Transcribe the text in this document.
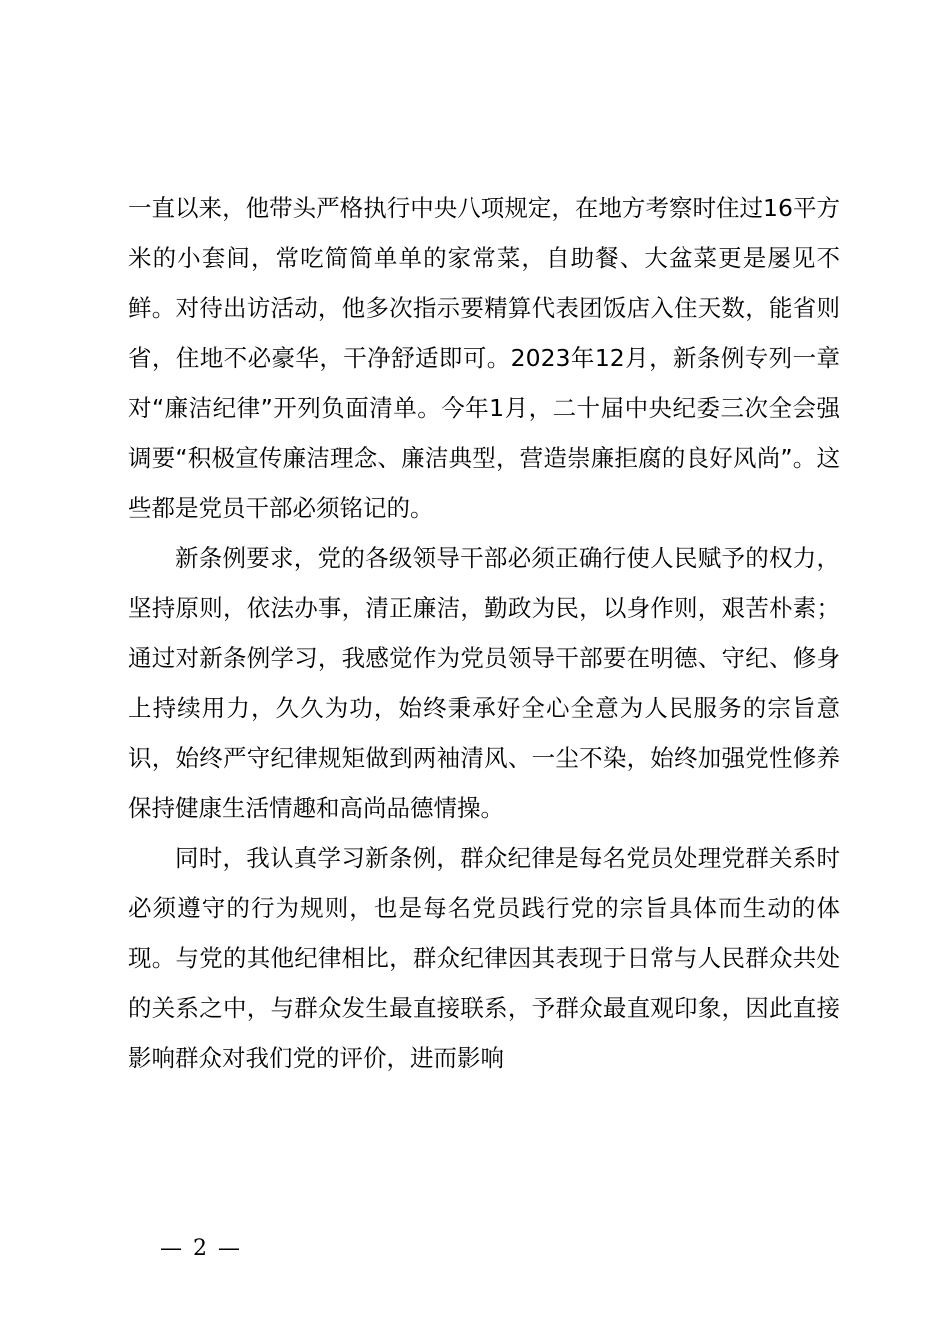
一直以来，他带头严格执行中央八项规定，在地方考察时住过16平方米的小套间，常吃简简单单的家常菜，自助餐、大盆菜更是屡见不鲜。对待出访活动，他多次指示要精算代表团饭店入住天数，能省则省，住地不必豪华，干净舒适即可。2023年12月，新条例专列一章对“廉洁纪律”开列负面清单。今年1月，二十届中央纪委三次全会强调要“积极宣传廉洁理念、廉洁典型，营造崇廉拒腐的良好风尚”。这些都是党员干部必须铭记的。

新条例要求，党的各级领导干部必须正确行使人民赋予的权力，坚持原则，依法办事，清正廉洁，勤政为民，以身作则，艰苦朴素；通过对新条例学习，我感觉作为党员领导干部要在明德、守纪、修身上持续用力，久久为功，始终秉承好全心全意为人民服务的宗旨意识，始终严守纪律规矩做到两袖清风、一尘不染，始终加强党性修养保持健康生活情趣和高尚品德情操。

同时，我认真学习新条例，群众纪律是每名党员处理党群关系时必须遵守的行为规则，也是每名党员践行党的宗旨具体而生动的体现。与党的其他纪律相比，群众纪律因其表现于日常与人民群众共处的关系之中，与群众发生最直接联系，予群众最直观印象，因此直接影响群众对我们党的评价，进而影响

— 2 —
